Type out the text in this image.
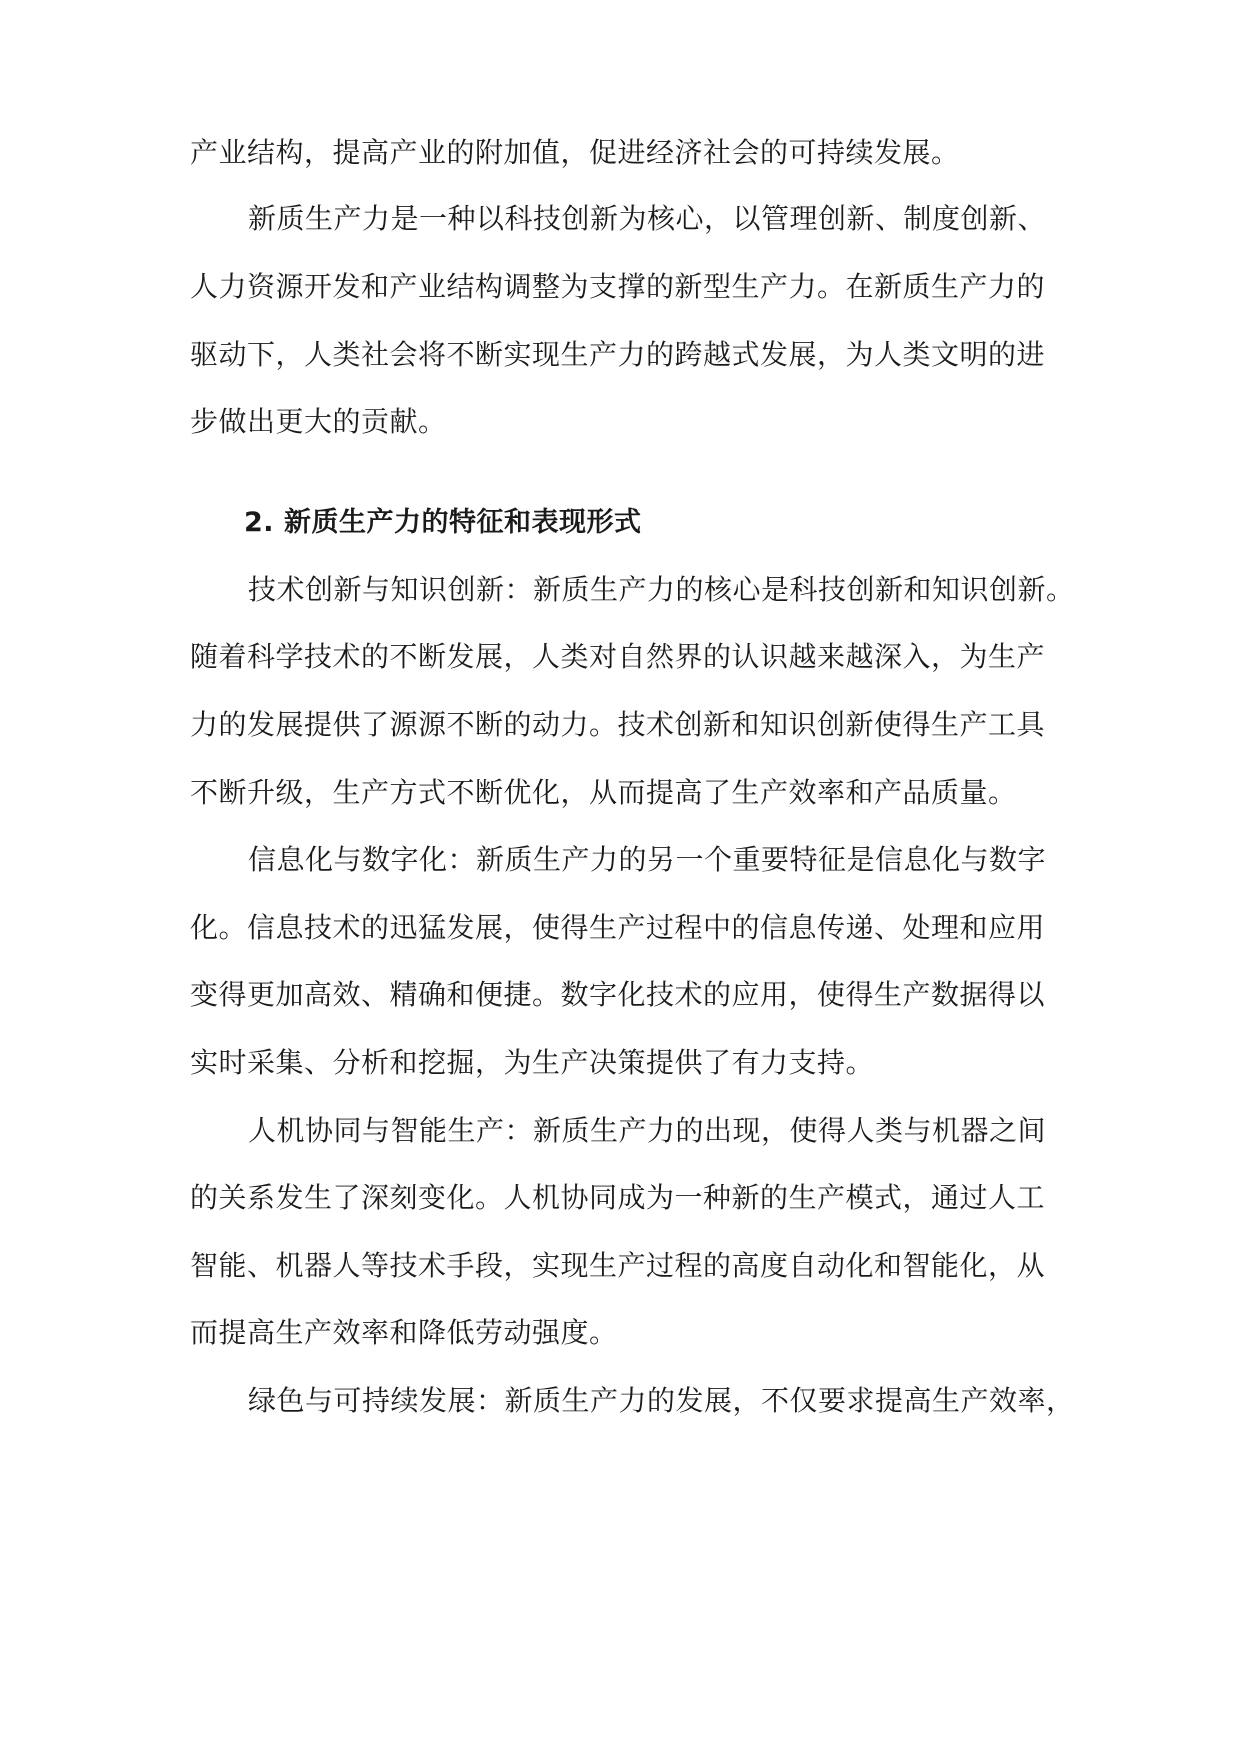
产业结构，提高产业的附加值，促进经济社会的可持续发展。
新质生产力是一种以科技创新为核心，以管理创新、制度创新、
人力资源开发和产业结构调整为支撑的新型生产力。在新质生产力的
驱动下，人类社会将不断实现生产力的跨越式发展，为人类文明的进
步做出更大的贡献。
2. 新质生产力的特征和表现形式
技术创新与知识创新：新质生产力的核心是科技创新和知识创新。
随着科学技术的不断发展，人类对自然界的认识越来越深入，为生产
力的发展提供了源源不断的动力。技术创新和知识创新使得生产工具
不断升级，生产方式不断优化，从而提高了生产效率和产品质量。
信息化与数字化：新质生产力的另一个重要特征是信息化与数字
化。信息技术的迅猛发展，使得生产过程中的信息传递、处理和应用
变得更加高效、精确和便捷。数字化技术的应用，使得生产数据得以
实时采集、分析和挖掘，为生产决策提供了有力支持。
人机协同与智能生产：新质生产力的出现，使得人类与机器之间
的关系发生了深刻变化。人机协同成为一种新的生产模式，通过人工
智能、机器人等技术手段，实现生产过程的高度自动化和智能化，从
而提高生产效率和降低劳动强度。
绿色与可持续发展：新质生产力的发展，不仅要求提高生产效率，
